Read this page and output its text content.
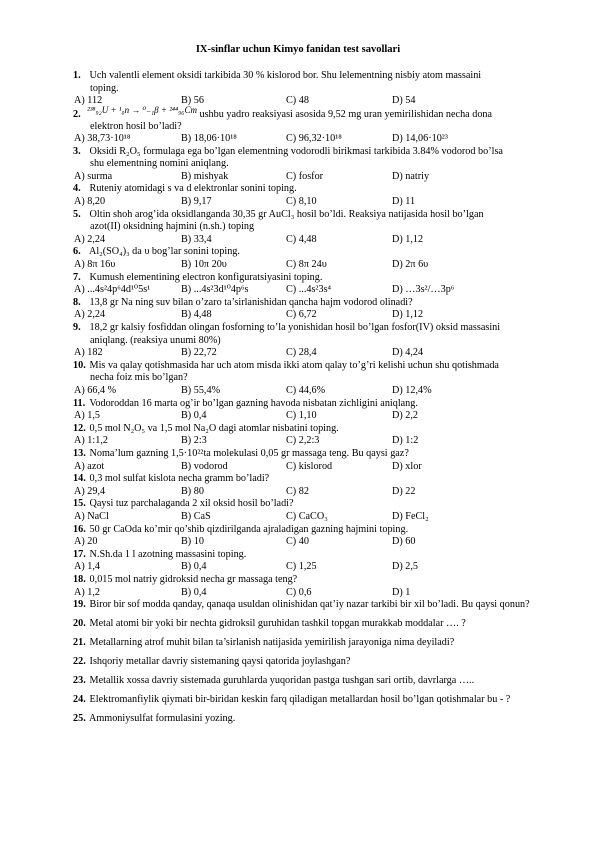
IX-sinflar uchun Kimyo fanidan test savollari
1. Uch valentli element oksidi tarkibida 30 % kislorod bor. Shu lelementning nisbiy atom massaini
toping.
A) 112	B) 56	C) 48	D) 54
2. ²³⁸₉₂U + ¹₀n → ⁰₋₁β + ²⁴⁴₉₆Cm ushbu yadro reaksiyasi asosida 9,52 mg uran yemirilishidan necha dona
elektron hosil bo’ladi?
A) 38,73·10¹⁸	B) 18,06·10¹⁸	C) 96,32·10¹⁸	D) 14,06·10²³
3. Oksidi R₂O₅ formulaga ega bo’lgan elementning vodorodli birikmasi tarkibida 3.84% vodorod bo’lsa
shu elementning nomini aniqlang.
A) surma	B) mishyak	C) fosfor	D) natriy
4. Ruteniy atomidagi s va d elektronlar sonini toping.
A) 8,20	B) 9,17	C) 8,10	D) 11
5. Oltin shoh arog’ida oksidlanganda 30,35 gr AuCl₃ hosil bo’ldi. Reaksiya natijasida hosil bo’lgan
azot(II) oksidning hajmini (n.sh.) toping
A) 2,24	B) 33,4	C) 4,48	D) 1,12
6. Al₂(SO₄)₃ da υ bog’lar sonini toping.
A) 8π 16υ	B) 10π 20υ	C) 8π 24υ	D) 2π 6υ
7. Kumush elementining electron konfiguratsiyasini toping.
A) ...4s²4p⁶4d¹⁰5s¹	B) ...4s²3d¹⁰4p⁶s	C) ...4s²3s⁴	D) …3s²/…3p⁶
8. 13,8 gr Na ning suv bilan o’zaro ta’sirlanishidan qancha hajm vodorod olinadi?
A) 2,24	B) 4,48	C) 6,72	D) 1,12
9. 18,2 gr kalsiy fosfiddan olingan fosforning to’la yonishidan hosil bo’lgan fosfor(IV) oksid massasini
aniqlang. (reaksiya unumi 80%)
A) 182	B) 22,72	C) 28,4	D) 4,24
10. Mis va qalay qotishmasida har uch atom misda ikki atom qalay to’g’ri kelishi uchun shu qotishmada
necha foiz mis bo’lgan?
A) 66,4 %	B) 55,4%	C) 44,6%	D) 12,4%
11. Vodoroddan 16 marta og’ir bo’lgan gazning havoda nisbatan zichligini aniqlang.
A) 1,5	B) 0,4	C) 1,10	D) 2,2
12. 0,5 mol N₂O₅ va 1,5 mol Na₂O dagi atomlar nisbatini toping.
A) 1:1,2	B) 2:3	C) 2,2:3	D) 1:2
13. Noma’lum gazning 1,5·10²²ta molekulasi 0,05 gr massaga teng. Bu qaysi gaz?
A) azot	B) vodorod	C) kislorod	D) xlor
14. 0,3 mol sulfat kislota necha gramm bo’ladi?
A) 29,4	B) 80	C) 82	D) 22
15. Qaysi tuz parchalaganda 2 xil oksid hosil bo’ladi?
A) NaCl	B) CaS	C) CaCO₃	D) FeCl₂
16. 50 gr CaOda ko’mir qo’shib qizdirilganda ajraladigan gazning hajmini toping.
A) 20	B) 10	C) 40	D) 60
17. N.Sh.da 1 l azotning massasini toping.
A) 1,4	B) 0,4	C) 1,25	D) 2,5
18. 0,015 mol natriy gidroksid necha gr massaga teng?
A) 1,2	B) 0,4	C) 0,6	D) 1
19. Biror bir sof modda qanday, qanaqa usuldan olinishidan qat’iy nazar tarkibi bir xil bo’ladi. Bu qaysi qonun?
20. Metal atomi bir yoki bir nechta gidroksil guruhidan tashkil topgan murakkab moddalar …. ?
21. Metallarning atrof muhit bilan ta’sirlanish natijasida yemirilish jarayoniga nima deyiladi?
22. Ishqoriy metallar davriy sistemaning qaysi qatorida joylashgan?
23. Metallik xossa davriy sistemada guruhlarda yuqoridan pastga tushgan sari ortib, davrlarga …..
24. Elektromanfiylik qiymati bir-biridan keskin farq qiladigan metallardan hosil bo’lgan qotishmalar bu - ?
25. Ammoniysulfat formulasini yozing.
